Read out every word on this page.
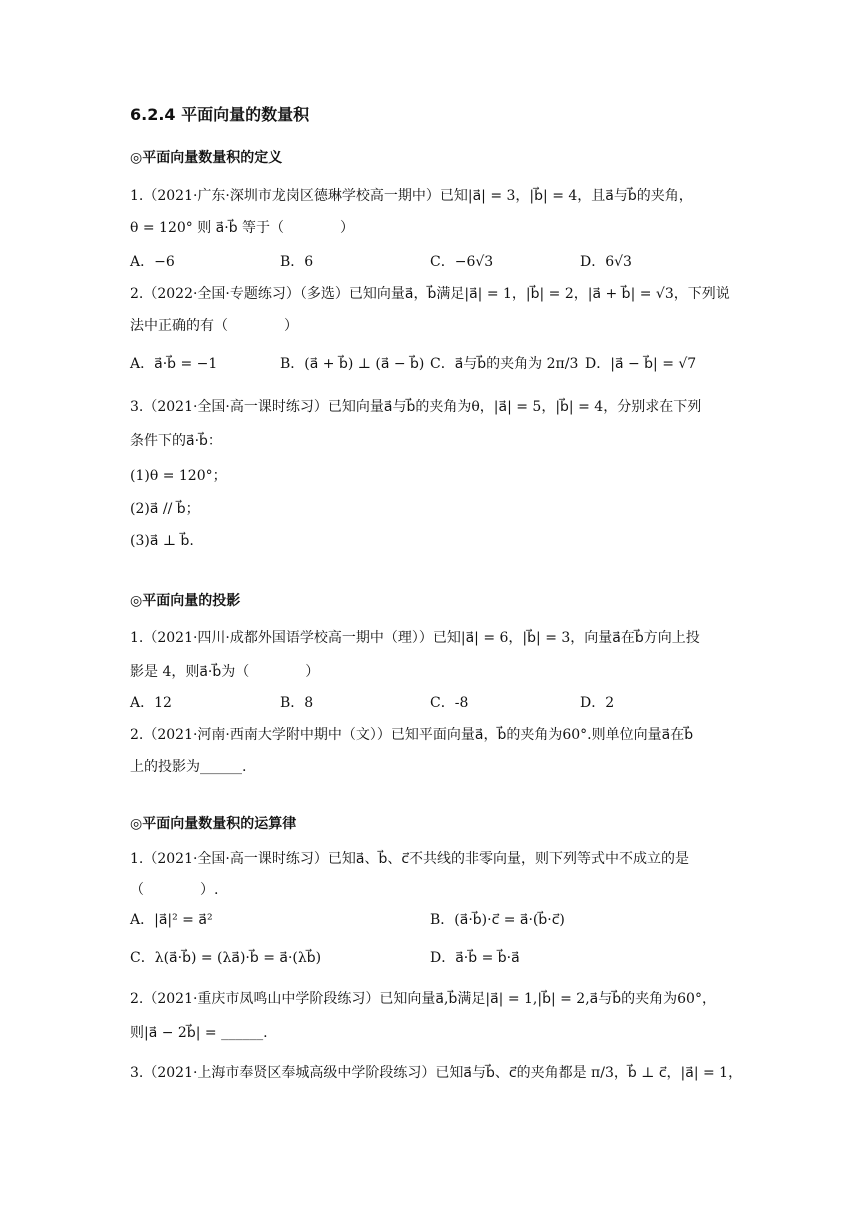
6.2.4 平面向量的数量积
◎平面向量数量积的定义
1.（2021·广东·深圳市龙岗区德琳学校高一期中）已知|a⃗| = 3，|b⃗| = 4，且a⃗与b⃗的夹角，
θ = 120° 则 a⃗·b⃗ 等于（　　　　）
A．−6	B．6	C．−6√3	D．6√3
2.（2022·全国·专题练习）（多选）已知向量a⃗，b⃗满足|a⃗| = 1，|b⃗| = 2，|a⃗ + b⃗| = √3，下列说
法中正确的有（　　　　）
A．a⃗·b⃗ = −1	B．(a⃗ + b⃗) ⊥ (a⃗ − b⃗) C．a⃗与b⃗的夹角为 2π/3 D．|a⃗ − b⃗| = √7
3.（2021·全国·高一课时练习）已知向量a⃗与b⃗的夹角为θ，|a⃗| = 5，|b⃗| = 4，分别求在下列
条件下的a⃗·b⃗：
(1)θ = 120°；
(2)a⃗ // b⃗；
(3)a⃗ ⊥ b⃗.
◎平面向量的投影
1.（2021·四川·成都外国语学校高一期中（理））已知|a⃗| = 6，|b⃗| = 3，向量a⃗在b⃗方向上投
影是 4，则a⃗·b⃗为（　　　　）
A．12	B．8	C．-8	D．2
2.（2021·河南·西南大学附中期中（文））已知平面向量a⃗，b⃗的夹角为60°.则单位向量a⃗在b⃗
上的投影为______.
◎平面向量数量积的运算律
1.（2021·全国·高一课时练习）已知a⃗、b⃗、c⃗不共线的非零向量，则下列等式中不成立的是
（　　　　）.
A．|a⃗|² = a⃗²	B．(a⃗·b⃗)·c⃗ = a⃗·(b⃗·c⃗)
C．λ(a⃗·b⃗) = (λa⃗)·b⃗ = a⃗·(λb⃗)	D．a⃗·b⃗ = b⃗·a⃗
2.（2021·重庆市凤鸣山中学阶段练习）已知向量a⃗,b⃗满足|a⃗| = 1,|b⃗| = 2,a⃗与b⃗的夹角为60°，
则|a⃗ − 2b⃗| = ______.
3.（2021·上海市奉贤区奉城高级中学阶段练习）已知a⃗与b⃗、c⃗的夹角都是 π/3，b⃗ ⊥ c⃗，|a⃗| = 1，
